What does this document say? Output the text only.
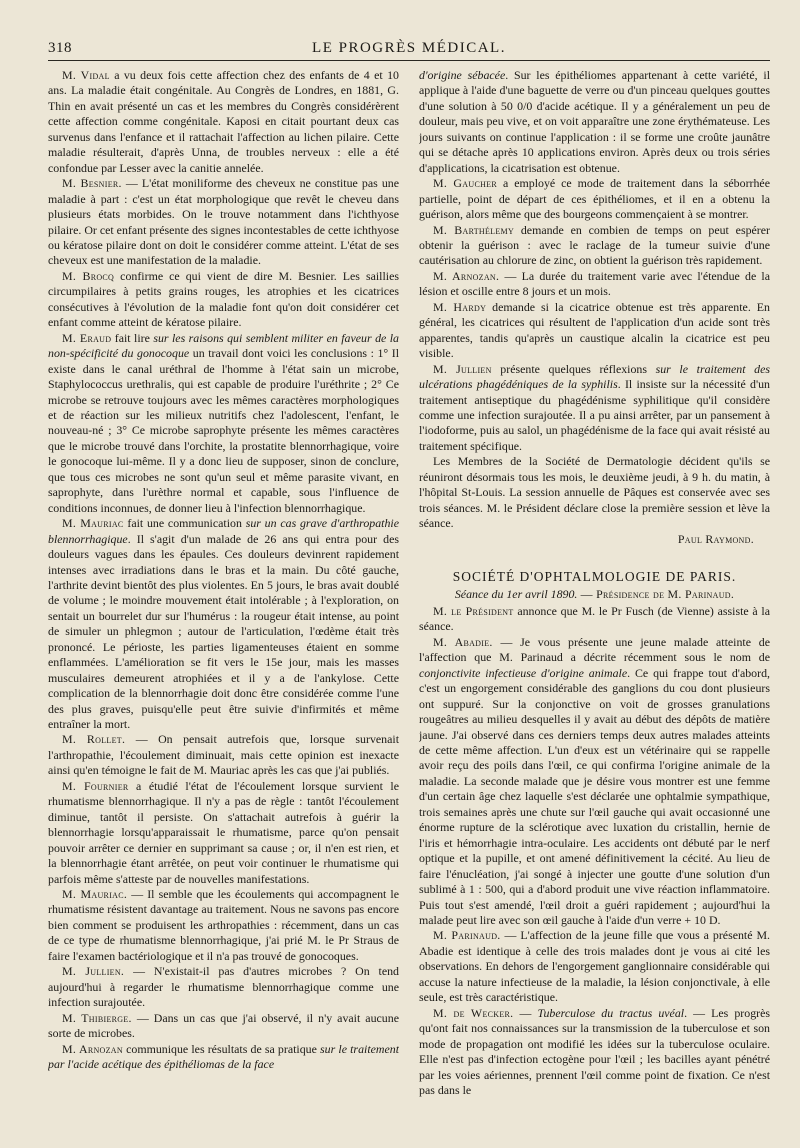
318	LE PROGRÈS MÉDICAL.

M. Vidal a vu deux fois cette affection chez des enfants de 4 et 10 ans. La maladie était congénitale. Au Congrès de Londres, en 1881, G. Thin en avait présenté un cas et les membres du Congrès considérèrent cette affection comme congénitale. Kaposi en citait pourtant deux cas survenus dans l'enfance et il rattachait l'affection au lichen pilaire. Cette maladie résulterait, d'après Unna, de troubles nerveux : elle a été confondue par Lesser avec la canitie annelée.

M. Besnier. — L'état moniliforme des cheveux ne constitue pas une maladie à part : c'est un état morphologique que revêt le cheveu dans plusieurs états morbides. On le trouve notamment dans l'ichthyose pilaire. Or cet enfant présente des signes incontestables de cette ichthyose ou kératose pilaire dont on doit le considérer comme atteint. L'état de ses cheveux est une manifestation de la maladie.

M. Brocq confirme ce qui vient de dire M. Besnier. Les saillies circumpilaires à petits grains rouges, les atrophies et les cicatrices consécutives à l'évolution de la maladie font qu'on doit considérer cet enfant comme atteint de kératose pilaire.

M. Eraud fait lire sur les raisons qui semblent militer en faveur de la non-spécificité du gonocoque un travail dont voici les conclusions : 1° Il existe dans le canal uréthral de l'homme à l'état sain un microbe, Staphylococcus urethralis, qui est capable de produire l'uréthrite ; 2° Ce microbe se retrouve toujours avec les mêmes caractères morphologiques et de réaction sur les milieux nutritifs chez l'adolescent, l'enfant, le nouveau-né ; 3° Ce microbe saprophyte présente les mêmes caractères que le microbe trouvé dans l'orchite, la prostatite blennorrhagique, voire le gonocoque lui-même. Il y a donc lieu de supposer, sinon de conclure, que tous ces microbes ne sont qu'un seul et même parasite vivant, en saprophyte, dans l'urèthre normal et capable, sous l'influence de conditions inconnues, de donner lieu à l'infection blennorrhagique.

M. Mauriac fait une communication sur un cas grave d'arthropathie blennorrhagique. Il s'agit d'un malade de 26 ans qui entra pour des douleurs vagues dans les épaules. Ces douleurs devinrent rapidement intenses avec irradiations dans le bras et la main. Du côté gauche, l'arthrite devint bientôt des plus violentes. En 5 jours, le bras avait doublé de volume ; le moindre mouvement était intolérable ; à l'exploration, on sentait un bourrelet dur sur l'humérus : la rougeur était intense, au point de simuler un phlegmon ; autour de l'articulation, l'œdème était très prononcé. Le périoste, les parties ligamenteuses étaient en somme enflammées. L'amélioration se fit vers le 15e jour, mais les masses musculaires demeurent atrophiées et il y a de l'ankylose. Cette complication de la blennorrhagie doit donc être considérée comme l'une des plus graves, puisqu'elle peut être suivie d'infirmités et même entraîner la mort.

M. Rollet. — On pensait autrefois que, lorsque survenait l'arthropathie, l'écoulement diminuait, mais cette opinion est inexacte ainsi qu'en témoigne le fait de M. Mauriac après les cas que j'ai publiés.

M. Fournier a étudié l'état de l'écoulement lorsque survient le rhumatisme blennorrhagique. Il n'y a pas de règle : tantôt l'écoulement diminue, tantôt il persiste. On s'attachait autrefois à guérir la blennorrhagie lorsqu'apparaissait le rhumatisme, parce qu'on pensait pouvoir arrêter ce dernier en supprimant sa cause ; or, il n'en est rien, et la blennorrhagie étant arrêtée, on peut voir continuer le rhumatisme qui parfois même s'atteste par de nouvelles manifestations.

M. Mauriac. — Il semble que les écoulements qui accompagnent le rhumatisme résistent davantage au traitement. Nous ne savons pas encore bien comment se produisent les arthropathies : récemment, dans un cas de ce type de rhumatisme blennorrhagique, j'ai prié M. le Pr Straus de faire l'examen bactériologique et il n'a pas trouvé de gonocoques.

M. Jullien. — N'existait-il pas d'autres microbes ? On tend aujourd'hui à regarder le rhumatisme blennorrhagique comme une infection surajoutée.

M. Thibierge. — Dans un cas que j'ai observé, il n'y avait aucune sorte de microbes.

M. Arnozan communique les résultats de sa pratique sur le traitement par l'acide acétique des épithéliomas de la face

d'origine sébacée. Sur les épithéliomes appartenant à cette variété, il applique à l'aide d'une baguette de verre ou d'un pinceau quelques gouttes d'une solution à 50 0/0 d'acide acétique. Il y a généralement un peu de douleur, mais peu vive, et on voit apparaître une zone érythémateuse. Les jours suivants on continue l'application : il se forme une croûte jaunâtre qui se détache après 10 applications environ. Après deux ou trois séries d'applications, la cicatrisation est obtenue.

M. Gaucher a employé ce mode de traitement dans la séborrhée partielle, point de départ de ces épithéliomes, et il en a obtenu la guérison, alors même que des bourgeons commençaient à se montrer.

M. Barthélemy demande en combien de temps on peut espérer obtenir la guérison : avec le raclage de la tumeur suivie d'une cautérisation au chlorure de zinc, on obtient la guérison très rapidement.

M. Arnozan. — La durée du traitement varie avec l'étendue de la lésion et oscille entre 8 jours et un mois.

M. Hardy demande si la cicatrice obtenue est très apparente. En général, les cicatrices qui résultent de l'application d'un acide sont très apparentes, tandis qu'après un caustique alcalin la cicatrice est peu visible.

M. Jullien présente quelques réflexions sur le traitement des ulcérations phagédéniques de la syphilis. Il insiste sur la nécessité d'un traitement antiseptique du phagédénisme syphilitique qu'il considère comme une infection surajoutée. Il a pu ainsi arrêter, par un pansement à l'iodoforme, puis au salol, un phagédénisme de la face qui avait résisté au traitement spécifique.

Les Membres de la Société de Dermatologie décident qu'ils se réuniront désormais tous les mois, le deuxième jeudi, à 9 h. du matin, à l'hôpital St-Louis. La session annuelle de Pâques est conservée avec ses trois séances. M. le Président déclare close la première session et lève la séance.

Paul Raymond.

SOCIÉTÉ D'OPHTALMOLOGIE DE PARIS.

Séance du 1er avril 1890. — Présidence de M. Parinaud.

M. le Président annonce que M. le Pr Fusch (de Vienne) assiste à la séance.

M. Abadie. — Je vous présente une jeune malade atteinte de l'affection que M. Parinaud a décrite récemment sous le nom de conjonctivite infectieuse d'origine animale. Ce qui frappe tout d'abord, c'est un engorgement considérable des ganglions du cou dont plusieurs ont suppuré. Sur la conjonctive on voit de grosses granulations rougeâtres au milieu desquelles il y avait au début des dépôts de matière jaune. J'ai observé dans ces derniers temps deux autres malades atteints de cette même affection. L'un d'eux est un vétérinaire qui se rappelle avoir reçu des poils dans l'œil, ce qui confirma l'origine animale de la maladie. La seconde malade que je désire vous montrer est une femme d'un certain âge chez laquelle s'est déclarée une ophtalmie sympathique, trois semaines après une chute sur l'œil gauche qui avait occasionné une énorme rupture de la sclérotique avec luxation du cristallin, hernie de l'iris et hémorrhagie intra-oculaire. Les accidents ont débuté par le nerf optique et la pupille, et ont amené définitivement la cécité. Au lieu de faire l'énucléation, j'ai songé à injecter une goutte d'une solution d'un sublimé à 1 : 500, qui a d'abord produit une vive réaction inflammatoire. Puis tout s'est amendé, l'œil droit a guéri rapidement ; aujourd'hui la malade peut lire avec son œil gauche à l'aide d'un verre + 10 D.

M. Parinaud. — L'affection de la jeune fille que vous a présenté M. Abadie est identique à celle des trois malades dont je vous ai cité les observations. En dehors de l'engorgement ganglionnaire considérable qui accuse la nature infectieuse de la maladie, la lésion conjonctivale, à elle seule, est très caractéristique.

M. de Wecker. — Tuberculose du tractus uvéal. — Les progrès qu'ont fait nos connaissances sur la transmission de la tuberculose et son mode de propagation ont modifié les idées sur la tuberculose oculaire. Elle n'est pas d'infection ectogène pour l'œil ; les bacilles ayant pénétré par les voies aériennes, prennent l'œil comme point de fixation. Ce n'est pas dans le
